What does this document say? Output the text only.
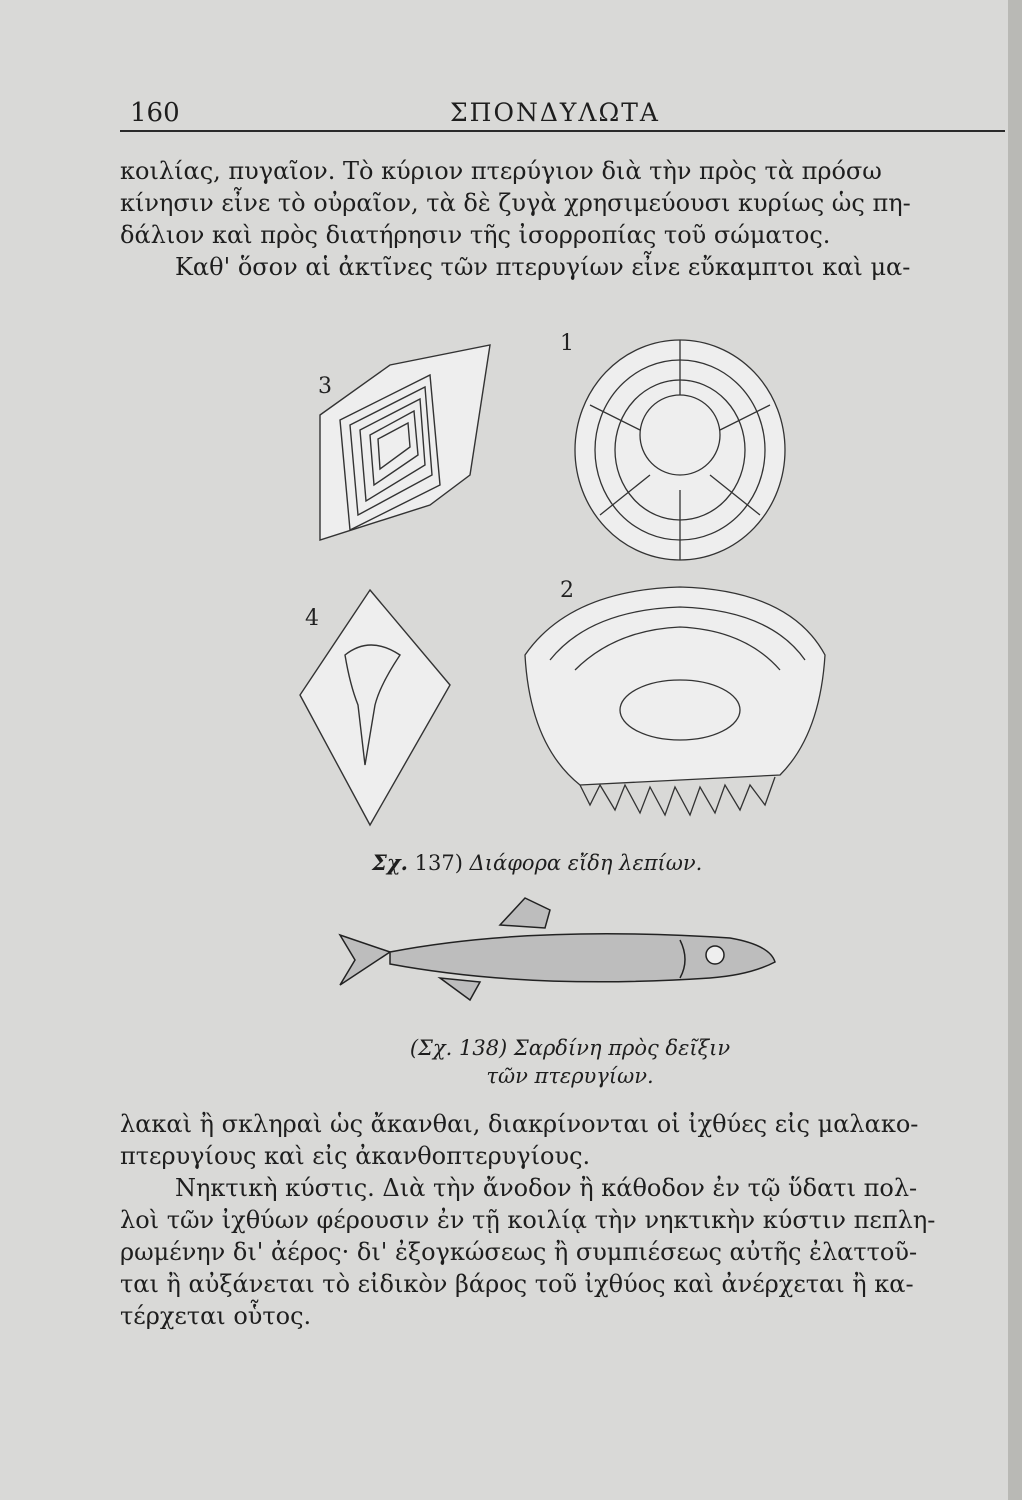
160	ΣΠΟΝΔΥΛΩΤΑ
κοιλίας, πυγαῖον. Τὸ κύριον πτερύγιον διὰ τὴν πρὸς τὰ πρόσω
κίνησιν εἶνε τὸ οὐραῖον, τὰ δὲ ζυγὰ χρησιμεύουσι κυρίως ὡς πη-
δάλιον καὶ πρὸς διατήρησιν τῆς ἰσορροπίας τοῦ σώματος.
Καθ' ὅσον αἱ ἀκτῖνες τῶν πτερυγίων εἶνε εὔκαμπτοι καὶ μα-
1
2
3
4
Σχ. 137) Διάφορα εἴδη λεπίων.
(Σχ. 138) Σαρδίνη πρὸς δεῖξιν
τῶν πτερυγίων.
λακαὶ ἢ σκληραὶ ὡς ἄκανθαι, διακρίνονται οἱ ἰχθύες εἰς μαλακο-
πτερυγίους καὶ εἰς ἀκανθοπτερυγίους.
Νηκτικὴ κύστις. Διὰ τὴν ἄνοδον ἢ κάθοδον ἐν τῷ ὕδατι πολ-
λοὶ τῶν ἰχθύων φέρουσιν ἐν τῇ κοιλίᾳ τὴν νηκτικὴν κύστιν πεπλη-
ρωμένην δι' ἀέρος· δι' ἐξογκώσεως ἢ συμπιέσεως αὐτῆς ἐλαττοῦ-
ται ἢ αὐξάνεται τὸ εἰδικὸν βάρος τοῦ ἰχθύος καὶ ἀνέρχεται ἢ κα-
τέρχεται οὗτος.
